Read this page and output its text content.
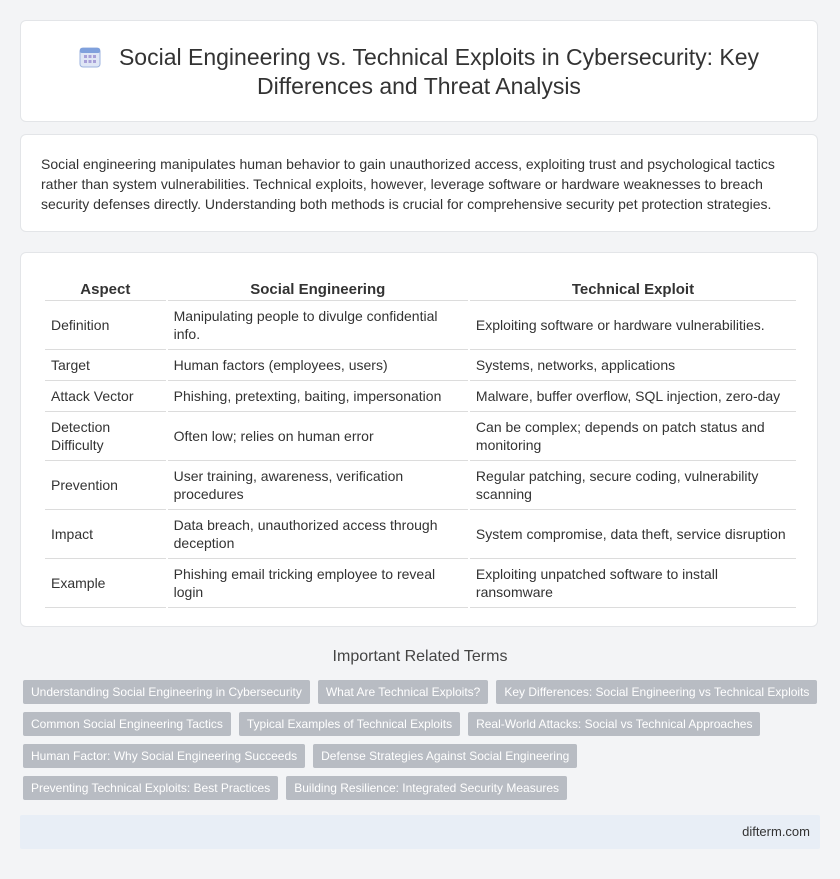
Social Engineering vs. Technical Exploits in Cybersecurity: Key Differences and Threat Analysis

Social engineering manipulates human behavior to gain unauthorized access, exploiting trust and psychological tactics rather than system vulnerabilities. Technical exploits, however, leverage software or hardware weaknesses to breach security defenses directly. Understanding both methods is crucial for comprehensive security pet protection strategies.

Aspect	Social Engineering	Technical Exploit
Definition	Manipulating people to divulge confidential info.	Exploiting software or hardware vulnerabilities.
Target	Human factors (employees, users)	Systems, networks, applications
Attack Vector	Phishing, pretexting, baiting, impersonation	Malware, buffer overflow, SQL injection, zero-day
Detection Difficulty	Often low; relies on human error	Can be complex; depends on patch status and monitoring
Prevention	User training, awareness, verification procedures	Regular patching, secure coding, vulnerability scanning
Impact	Data breach, unauthorized access through deception	System compromise, data theft, service disruption
Example	Phishing email tricking employee to reveal login	Exploiting unpatched software to install ransomware
Important Related Terms
Understanding Social Engineering in Cybersecurity	What Are Technical Exploits?	Key Differences: Social Engineering vs Technical Exploits
Common Social Engineering Tactics	Typical Examples of Technical Exploits	Real-World Attacks: Social vs Technical Approaches
Human Factor: Why Social Engineering Succeeds	Defense Strategies Against Social Engineering
Preventing Technical Exploits: Best Practices	Building Resilience: Integrated Security Measures
difterm.com
